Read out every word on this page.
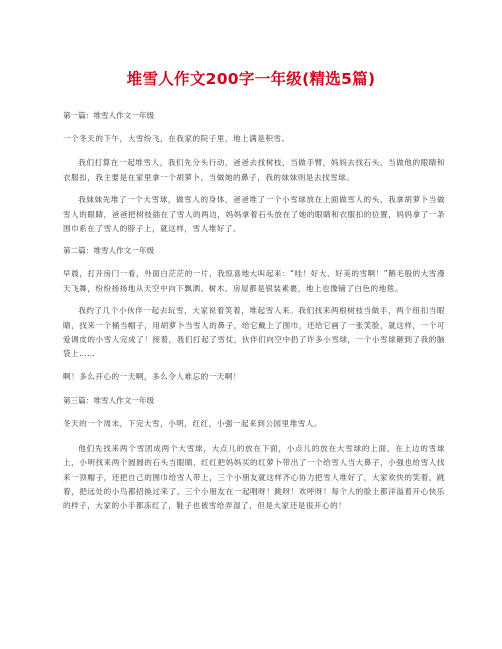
堆雪人作文200字一年级(精选5篇)
第一篇：堆雪人作文一年级

一个冬天的下午，大雪纷飞，在我家的院子里，地上满是积雪。

我们打算在一起堆雪人，我们先分头行动，爸爸去找树枝，当做手臂，妈妈去找石头，当做他的眼睛和衣服扣，我主要是在家里拿一个胡萝卜，当做她的鼻子，我的妹妹则是去找雪球。

我妹妹先堆了一个大雪球，做雪人的身体，爸爸堆了一个小雪球放在上面做雪人的头，我拿胡萝卜当做雪人的眼睛，爸爸把树枝插在了雪人的两边，妈妈拿着石头放在了她的眼睛和衣服扣的位置，妈妈拿了一条围巾系在了雪人的脖子上，就这样，雪人堆好了。

第二篇：堆雪人作文一年级

早晨，打开房门一看，外面白茫茫的一片，我惊喜地大叫起来：“哇！好大、好美的雪啊！”鹅毛般的大雪漫天飞舞，纷纷扬扬地从天空中向下飘洒。树木、房屋都是银装素裹，地上也像铺了白色的地毯。

我约了几个小伙伴一起去玩雪，大家说着笑着，堆起雪人来。我们找来两根树枝当做手，两个纽扣当眼睛，找来一个桶当帽子，用胡萝卜当雪人的鼻子，给它戴上了围巾，还给它画了一张笑脸，就这样，一个可爱调皮的小雪人完成了！接着，我们打起了雪仗，伙伴们向空中扔了许多小雪球，一个小雪球砸到了我的脑袋上……

啊！多么开心的一天啊，多么令人难忘的一天啊！

第三篇：堆雪人作文一年级

冬天的一个周末，下完大雪，小明，红红，小强一起来到公园里堆雪人。

他们先找来两个雪团成两个大雪球，大点儿的放在下面，小点儿的放在大雪球的上面，在上边的雪球上，小明找来两个圆圆的石头当眼睛，红红把妈妈买的红萝卜带出了一个给雪人当大鼻子，小强也给雪人找来一顶帽子，还把自己的围巾给雪人带上，三个小朋友就这样齐心协力把雪人堆好了，大家欢快的笑着，跳着，把远处的小鸟都招换过来了。三个小朋友在一起唱呀！跳呀！欢呼呀！每个人的脸上都洋溢着开心快乐的样子，大家的小手都冻红了，鞋子也被雪给弄湿了，但是大家还是很开心的！
